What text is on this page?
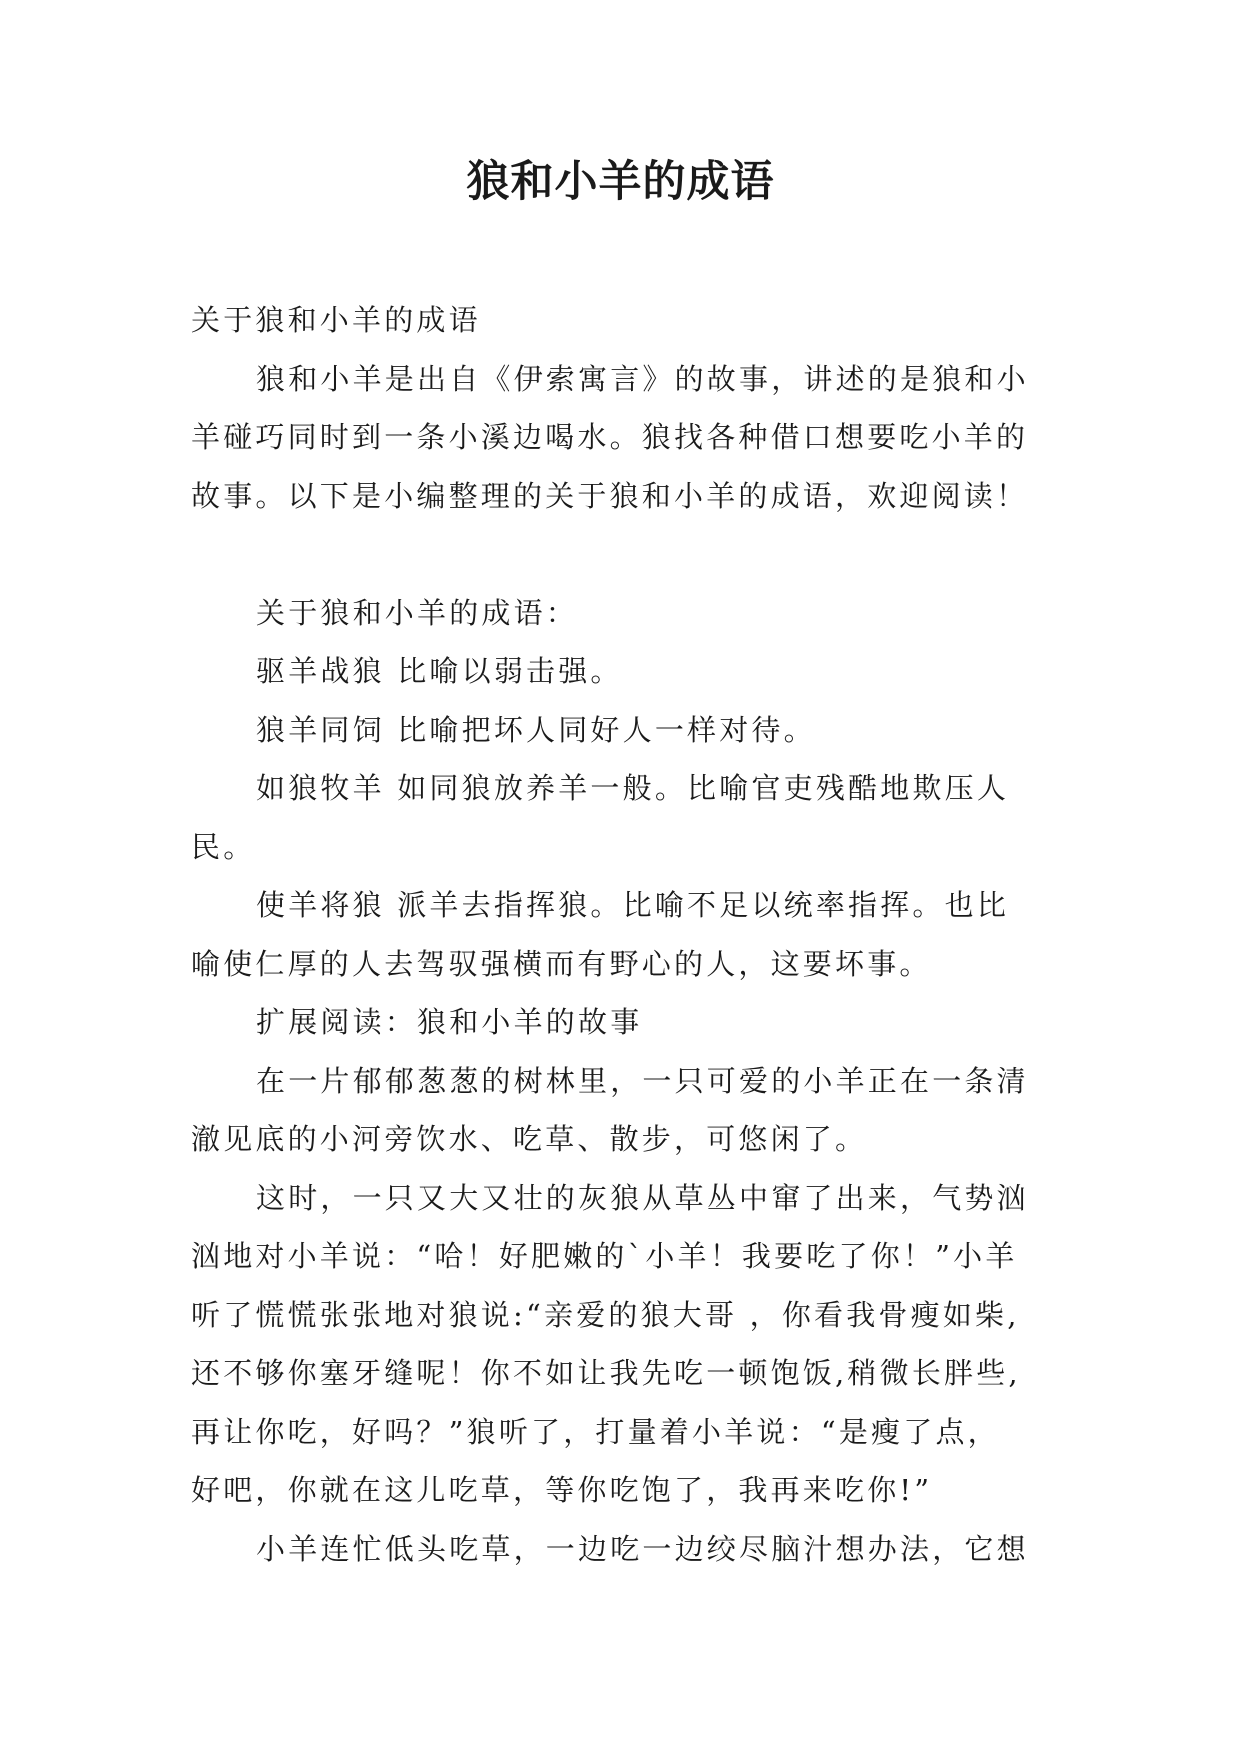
狼和小羊的成语

关于狼和小羊的成语

狼和小羊是出自《伊索寓言》的故事，讲述的是狼和小

羊碰巧同时到一条小溪边喝水。狼找各种借口想要吃小羊的

故事。以下是小编整理的关于狼和小羊的成语，欢迎阅读！

关于狼和小羊的成语：

驱羊战狼 比喻以弱击强。

狼羊同饲 比喻把坏人同好人一样对待。

如狼牧羊 如同狼放养羊一般。比喻官吏残酷地欺压人

民。

使羊将狼 派羊去指挥狼。比喻不足以统率指挥。也比

喻使仁厚的人去驾驭强横而有野心的人，这要坏事。

扩展阅读：狼和小羊的故事

在一片郁郁葱葱的树林里，一只可爱的小羊正在一条清

澈见底的小河旁饮水、吃草、散步，可悠闲了。

这时，一只又大又壮的灰狼从草丛中窜了出来，气势汹

汹地对小羊说：“哈！好肥嫩的`小羊！我要吃了你！”小羊

听了慌慌张张地对狼说:“亲爱的狼大哥 ，你看我骨瘦如柴,

还不够你塞牙缝呢！你不如让我先吃一顿饱饭,稍微长胖些,

再让你吃，好吗？”狼听了，打量着小羊说：“是瘦了点，

好吧，你就在这儿吃草，等你吃饱了，我再来吃你!”

小羊连忙低头吃草，一边吃一边绞尽脑汁想办法，它想
